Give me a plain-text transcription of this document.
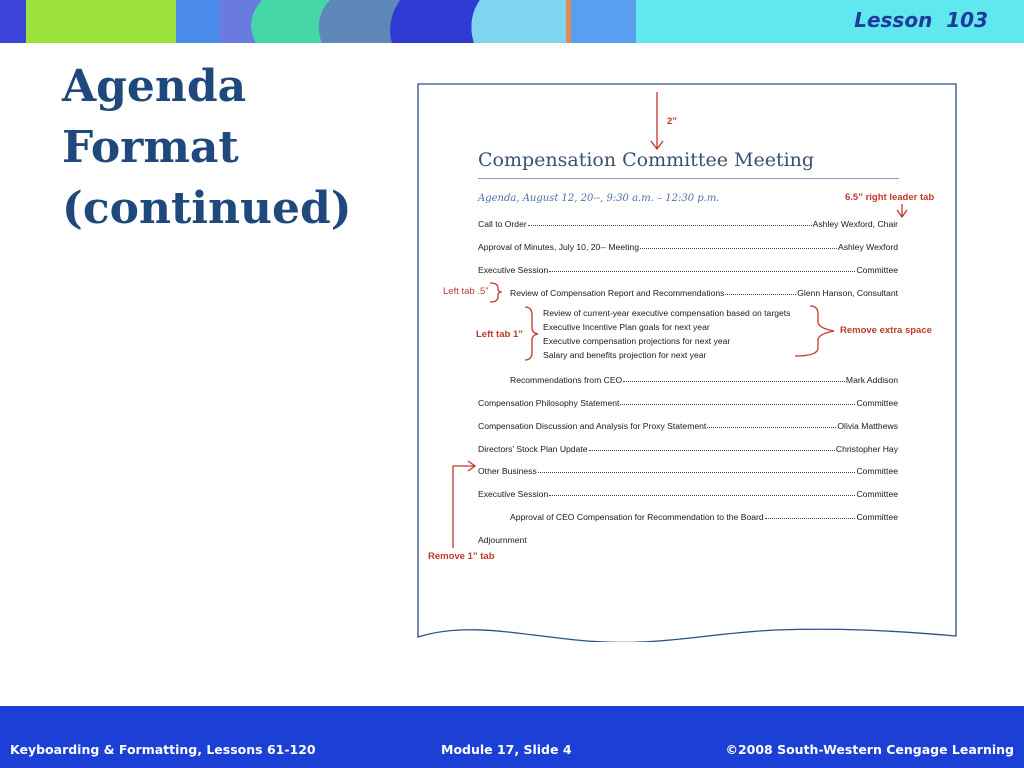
Lesson  103
Agenda
Format
(continued)
Compensation Committee Meeting
Agenda, August 12, 20--, 9:30 a.m. – 12:30 p.m.
Call to Order	Ashley Wexford, Chair
Approval of Minutes, July 10, 20-- Meeting	Ashley Wexford
Executive Session	Committee
Review of Compensation Report and Recommendations	Glenn Hanson, Consultant
Review of current-year executive compensation based on targets
Executive Incentive Plan goals for next year
Executive compensation projections for next year
Salary and benefits projection for next year
Recommendations from CEO	Mark Addison
Compensation Philosophy Statement	Committee
Compensation Discussion and Analysis for Proxy Statement	Olivia Matthews
Directors’ Stock Plan Update	Christopher Hay
Other Business	Committee
Executive Session	Committee
Approval of CEO Compensation for Recommendation to the Board	Committee
Adjournment
2”
6.5” right leader tab
Left tab .5”
Left tab 1”	Remove extra space
Remove 1” tab
Keyboarding & Formatting, Lessons 61-120	Module 17, Slide 4	©2008 South-Western Cengage Learning
